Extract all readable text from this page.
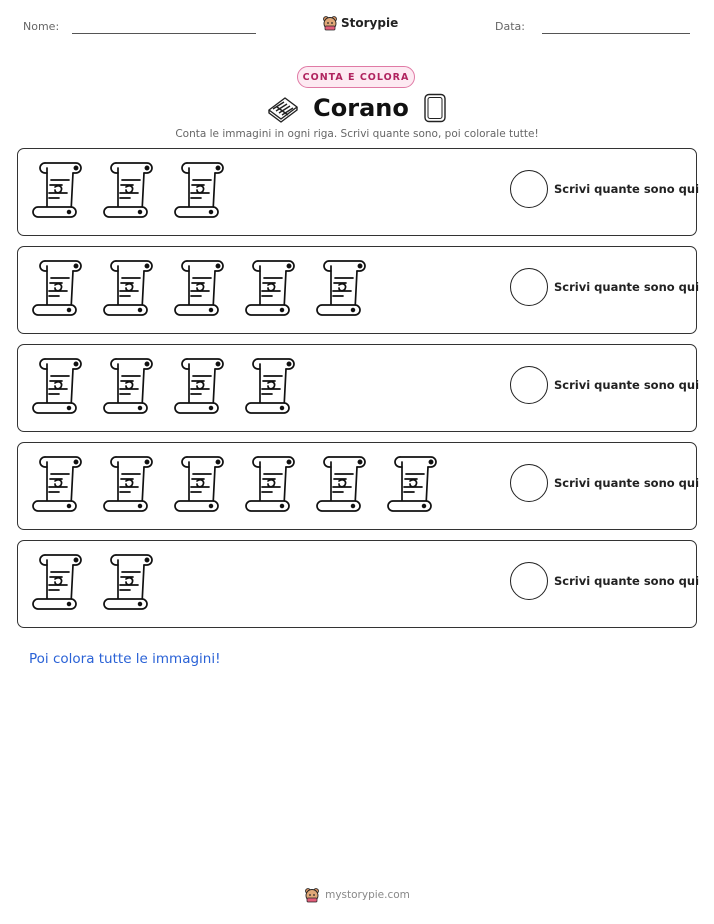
Nome:	Storypie	Data:
CONTA E COLORA
Corano
Conta le immagini in ogni riga. Scrivi quante sono, poi colorale tutte!
Scrivi quante sono qui
Scrivi quante sono qui
Scrivi quante sono qui
Scrivi quante sono qui
Scrivi quante sono qui
Poi colora tutte le immagini!
mystorypie.com
